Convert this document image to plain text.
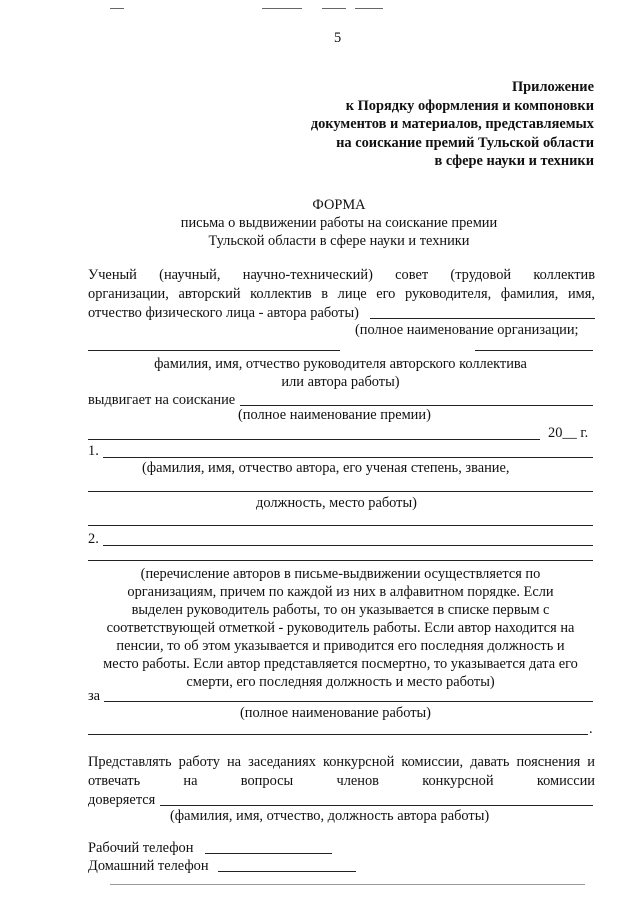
5
Приложение
к Порядку оформления и компоновки
документов и материалов, представляемых
на соискание премий Тульской области
в сфере науки и техники
ФОРМА
письма о выдвижении работы на соискание премии
Тульской области в сфере науки и техники
Ученый (научный, научно-технический) совет (трудовой коллектив
организации, авторский коллектив в лице его руководителя, фамилия, имя,
отчество физического лица - автора работы)
(полное наименование организации;
фамилия, имя, отчество руководителя авторского коллектива
или автора работы)
выдвигает на соискание
(полное наименование премии)
20__ г.
1.
(фамилия, имя, отчество автора, его ученая степень, звание,
должность, место работы)
2.
(перечисление авторов в письме-выдвижении осуществляется по
организациям, причем по каждой из них в алфавитном порядке. Если
выделен руководитель работы, то он указывается в списке первым с
соответствующей отметкой - руководитель работы. Если автор находится на
пенсии, то об этом указывается и приводится его последняя должность и
место работы. Если автор представляется посмертно, то указывается дата его
смерти, его последняя должность и место работы)
за
(полное наименование работы)
.
Представлять работу на заседаниях конкурсной комиссии, давать пояснения и
отвечать на вопросы членов конкурсной комиссии
доверяется
(фамилия, имя, отчество, должность автора работы)
Рабочий телефон
Домашний телефон
